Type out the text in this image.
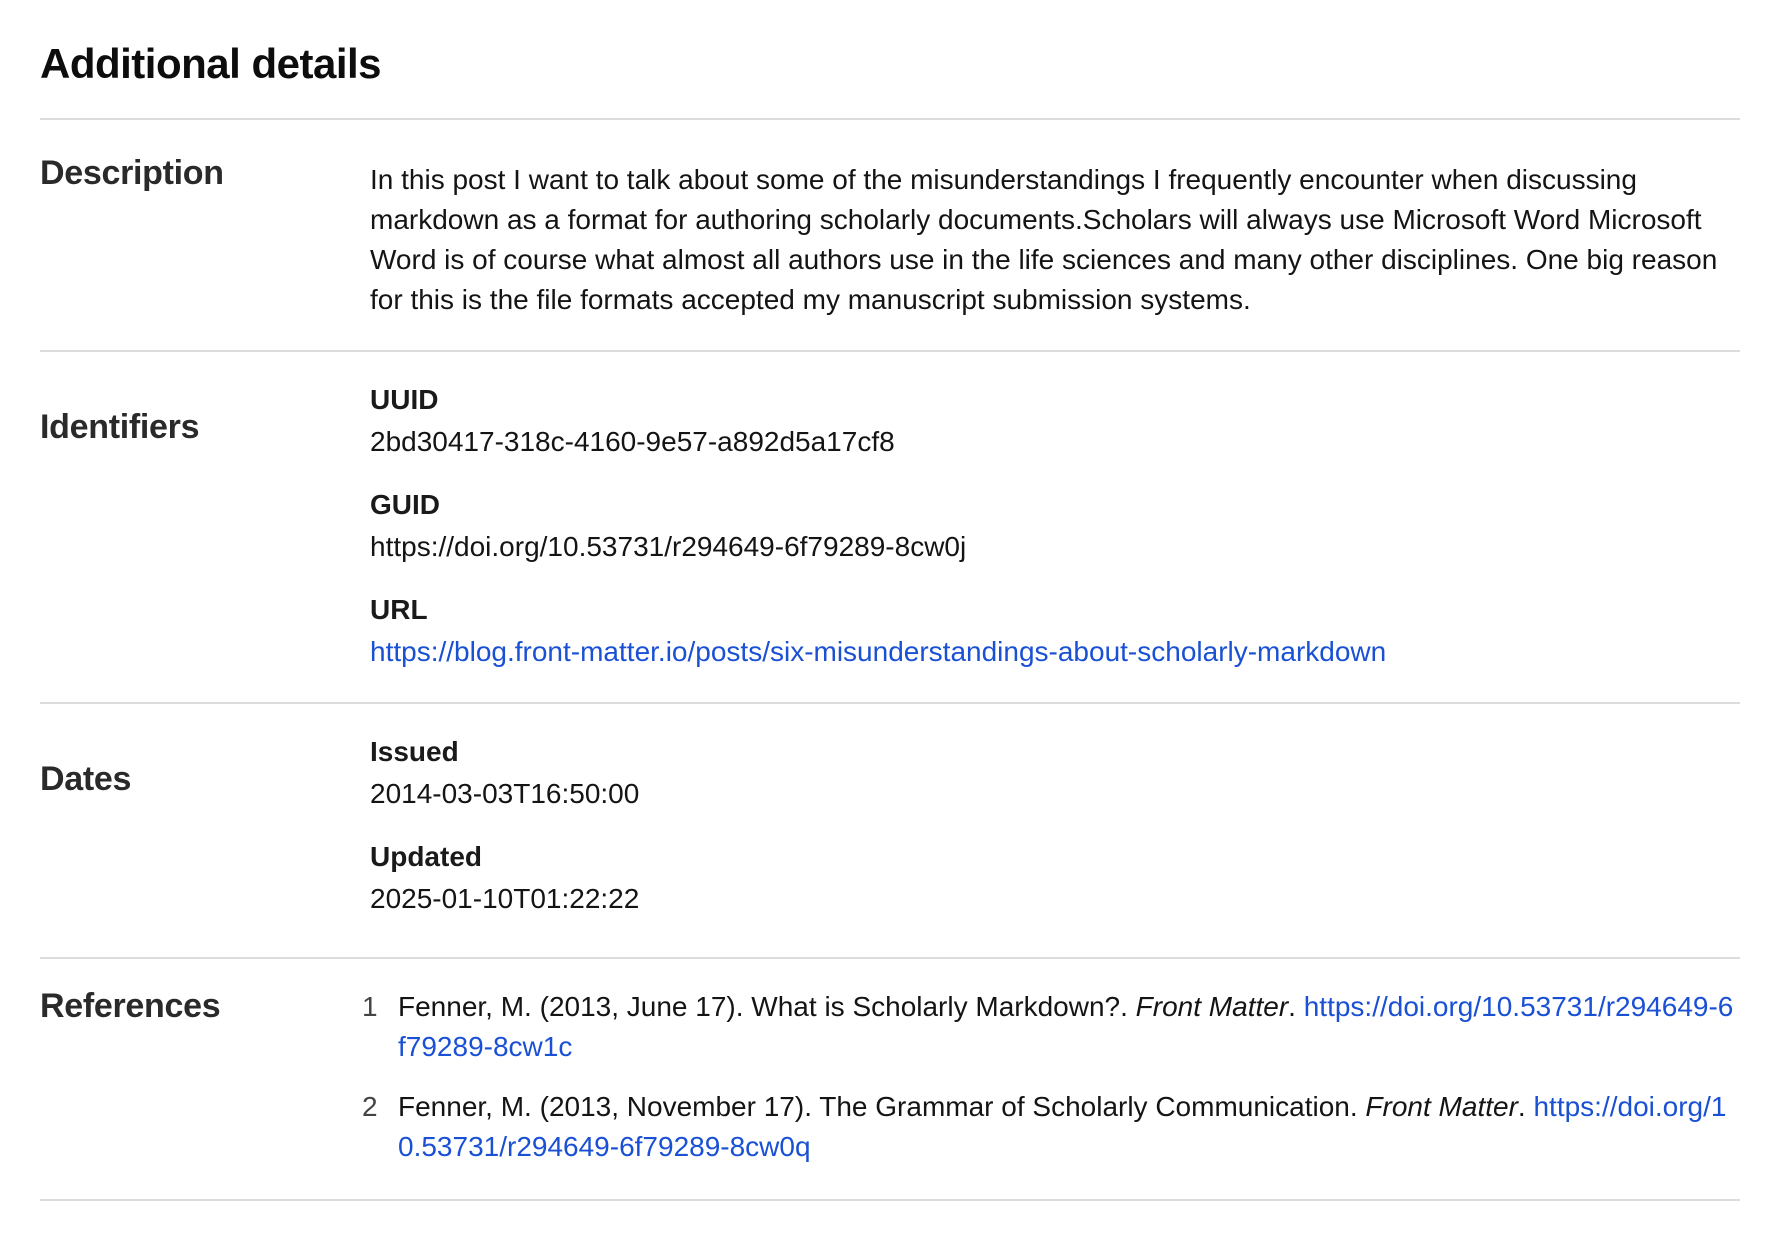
Additional details
Description	In this post I want to talk about some of the misunderstandings I frequently encounter when discussing markdown as a format for authoring scholarly documents.Scholars will always use Microsoft Word Microsoft Word is of course what almost all authors use in the life sciences and many other disciplines. One big reason for this is the file formats accepted my manuscript submission systems.
Identifiers
UUID
2bd30417-318c-4160-9e57-a892d5a17cf8
GUID
https://doi.org/10.53731/r294649-6f79289-8cw0j
URL
https://blog.front-matter.io/posts/six-misunderstandings-about-scholarly-markdown
Dates
Issued
2014-03-03T16:50:00
Updated
2025-01-10T01:22:22
References	1 Fenner, M. (2013, June 17). What is Scholarly Markdown?. Front Matter. https://doi.org/10.53731/r294649-6f79289-8cw1c
2 Fenner, M. (2013, November 17). The Grammar of Scholarly Communication. Front Matter. https://doi.org/10.53731/r294649-6f79289-8cw0q
